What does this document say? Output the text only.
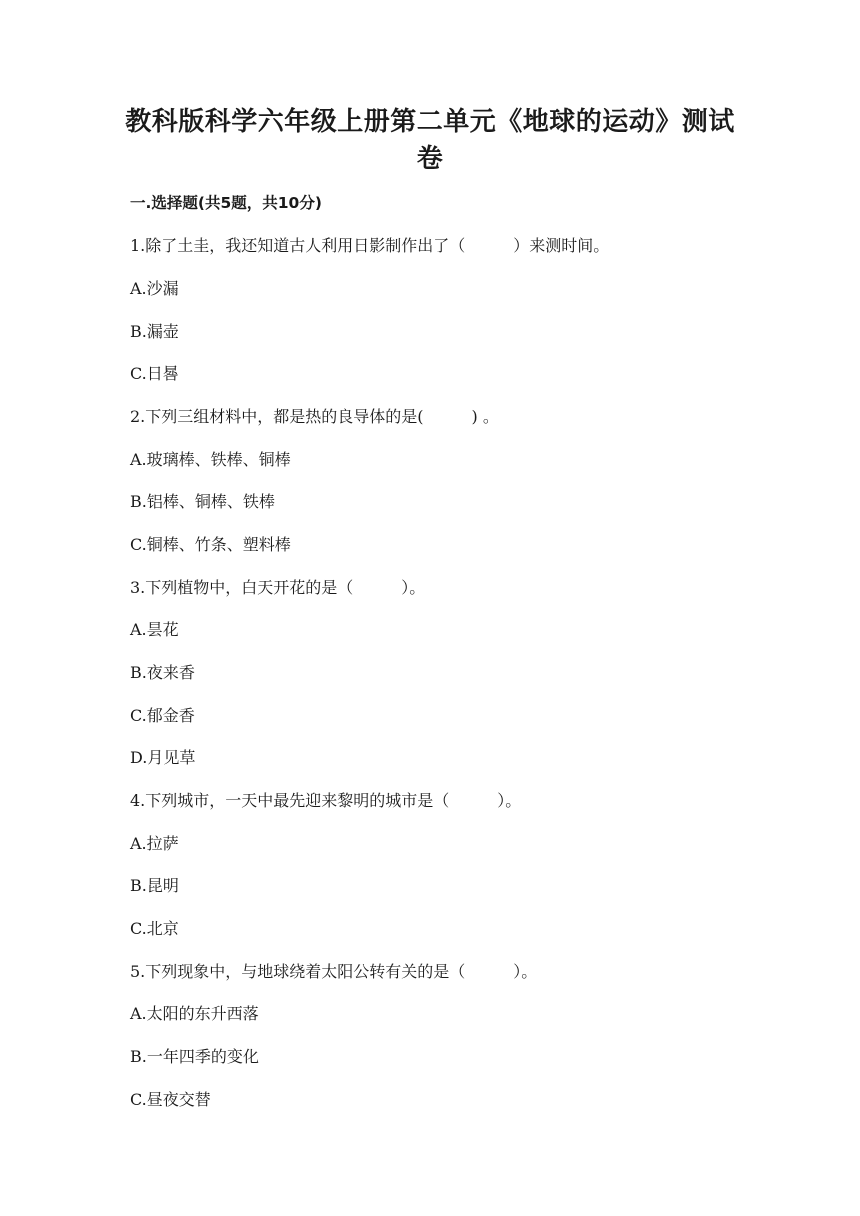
教科版科学六年级上册第二单元《地球的运动》测试卷
一.选择题(共5题，共10分)
1.除了土圭，我还知道古人利用日影制作出了（　　　）来测时间。
A.沙漏
B.漏壶
C.日晷
2.下列三组材料中，都是热的良导体的是(　　　) 。
A.玻璃棒、铁棒、铜棒
B.铝棒、铜棒、铁棒
C.铜棒、竹条、塑料棒
3.下列植物中，白天开花的是（　　　）。
A.昙花
B.夜来香
C.郁金香
D.月见草
4.下列城市，一天中最先迎来黎明的城市是（　　　）。
A.拉萨
B.昆明
C.北京
5.下列现象中，与地球绕着太阳公转有关的是（　　　）。
A.太阳的东升西落
B.一年四季的变化
C.昼夜交替
